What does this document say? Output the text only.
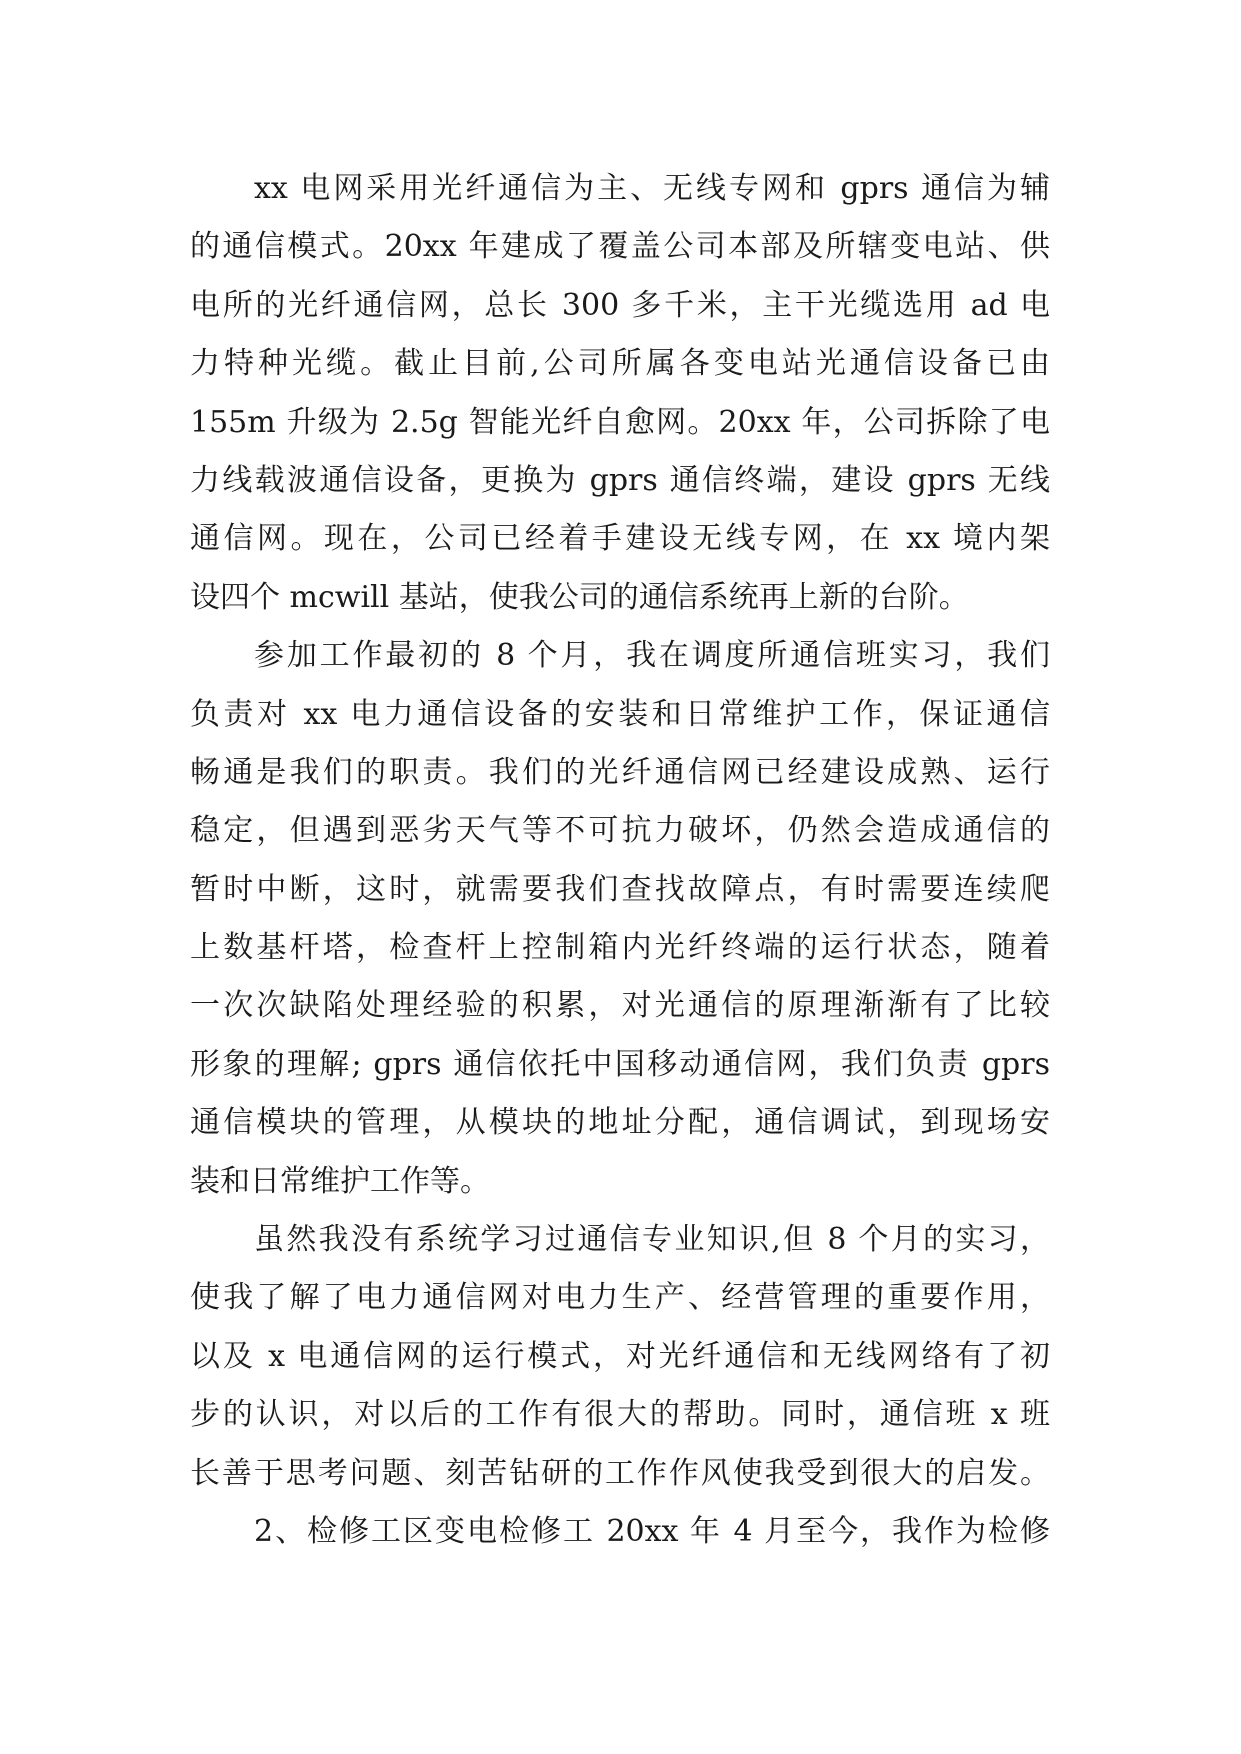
xx 电网采用光纤通信为主、无线专网和 gprs 通信为辅
的通信模式。20xx 年建成了覆盖公司本部及所辖变电站、供
电所的光纤通信网，总长 300 多千米，主干光缆选用 ad 电
力特种光缆。截止目前,公司所属各变电站光通信设备已由
155m 升级为 2.5g 智能光纤自愈网。20xx 年，公司拆除了电
力线载波通信设备，更换为 gprs 通信终端，建设 gprs 无线
通信网。现在，公司已经着手建设无线专网，在 xx 境内架
设四个 mcwill 基站，使我公司的通信系统再上新的台阶。
参加工作最初的 8 个月，我在调度所通信班实习，我们
负责对 xx 电力通信设备的安装和日常维护工作，保证通信
畅通是我们的职责。我们的光纤通信网已经建设成熟、运行
稳定，但遇到恶劣天气等不可抗力破坏，仍然会造成通信的
暂时中断，这时，就需要我们查找故障点，有时需要连续爬
上数基杆塔，检查杆上控制箱内光纤终端的运行状态，随着
一次次缺陷处理经验的积累，对光通信的原理渐渐有了比较
形象的理解; gprs 通信依托中国移动通信网，我们负责 gprs
通信模块的管理，从模块的地址分配，通信调试，到现场安
装和日常维护工作等。
虽然我没有系统学习过通信专业知识,但 8 个月的实习，
使我了解了电力通信网对电力生产、经营管理的重要作用，
以及 x 电通信网的运行模式，对光纤通信和无线网络有了初
步的认识，对以后的工作有很大的帮助。同时，通信班 x 班
长善于思考问题、刻苦钻研的工作作风使我受到很大的启发。
2、检修工区变电检修工 20xx 年 4 月至今，我作为检修
